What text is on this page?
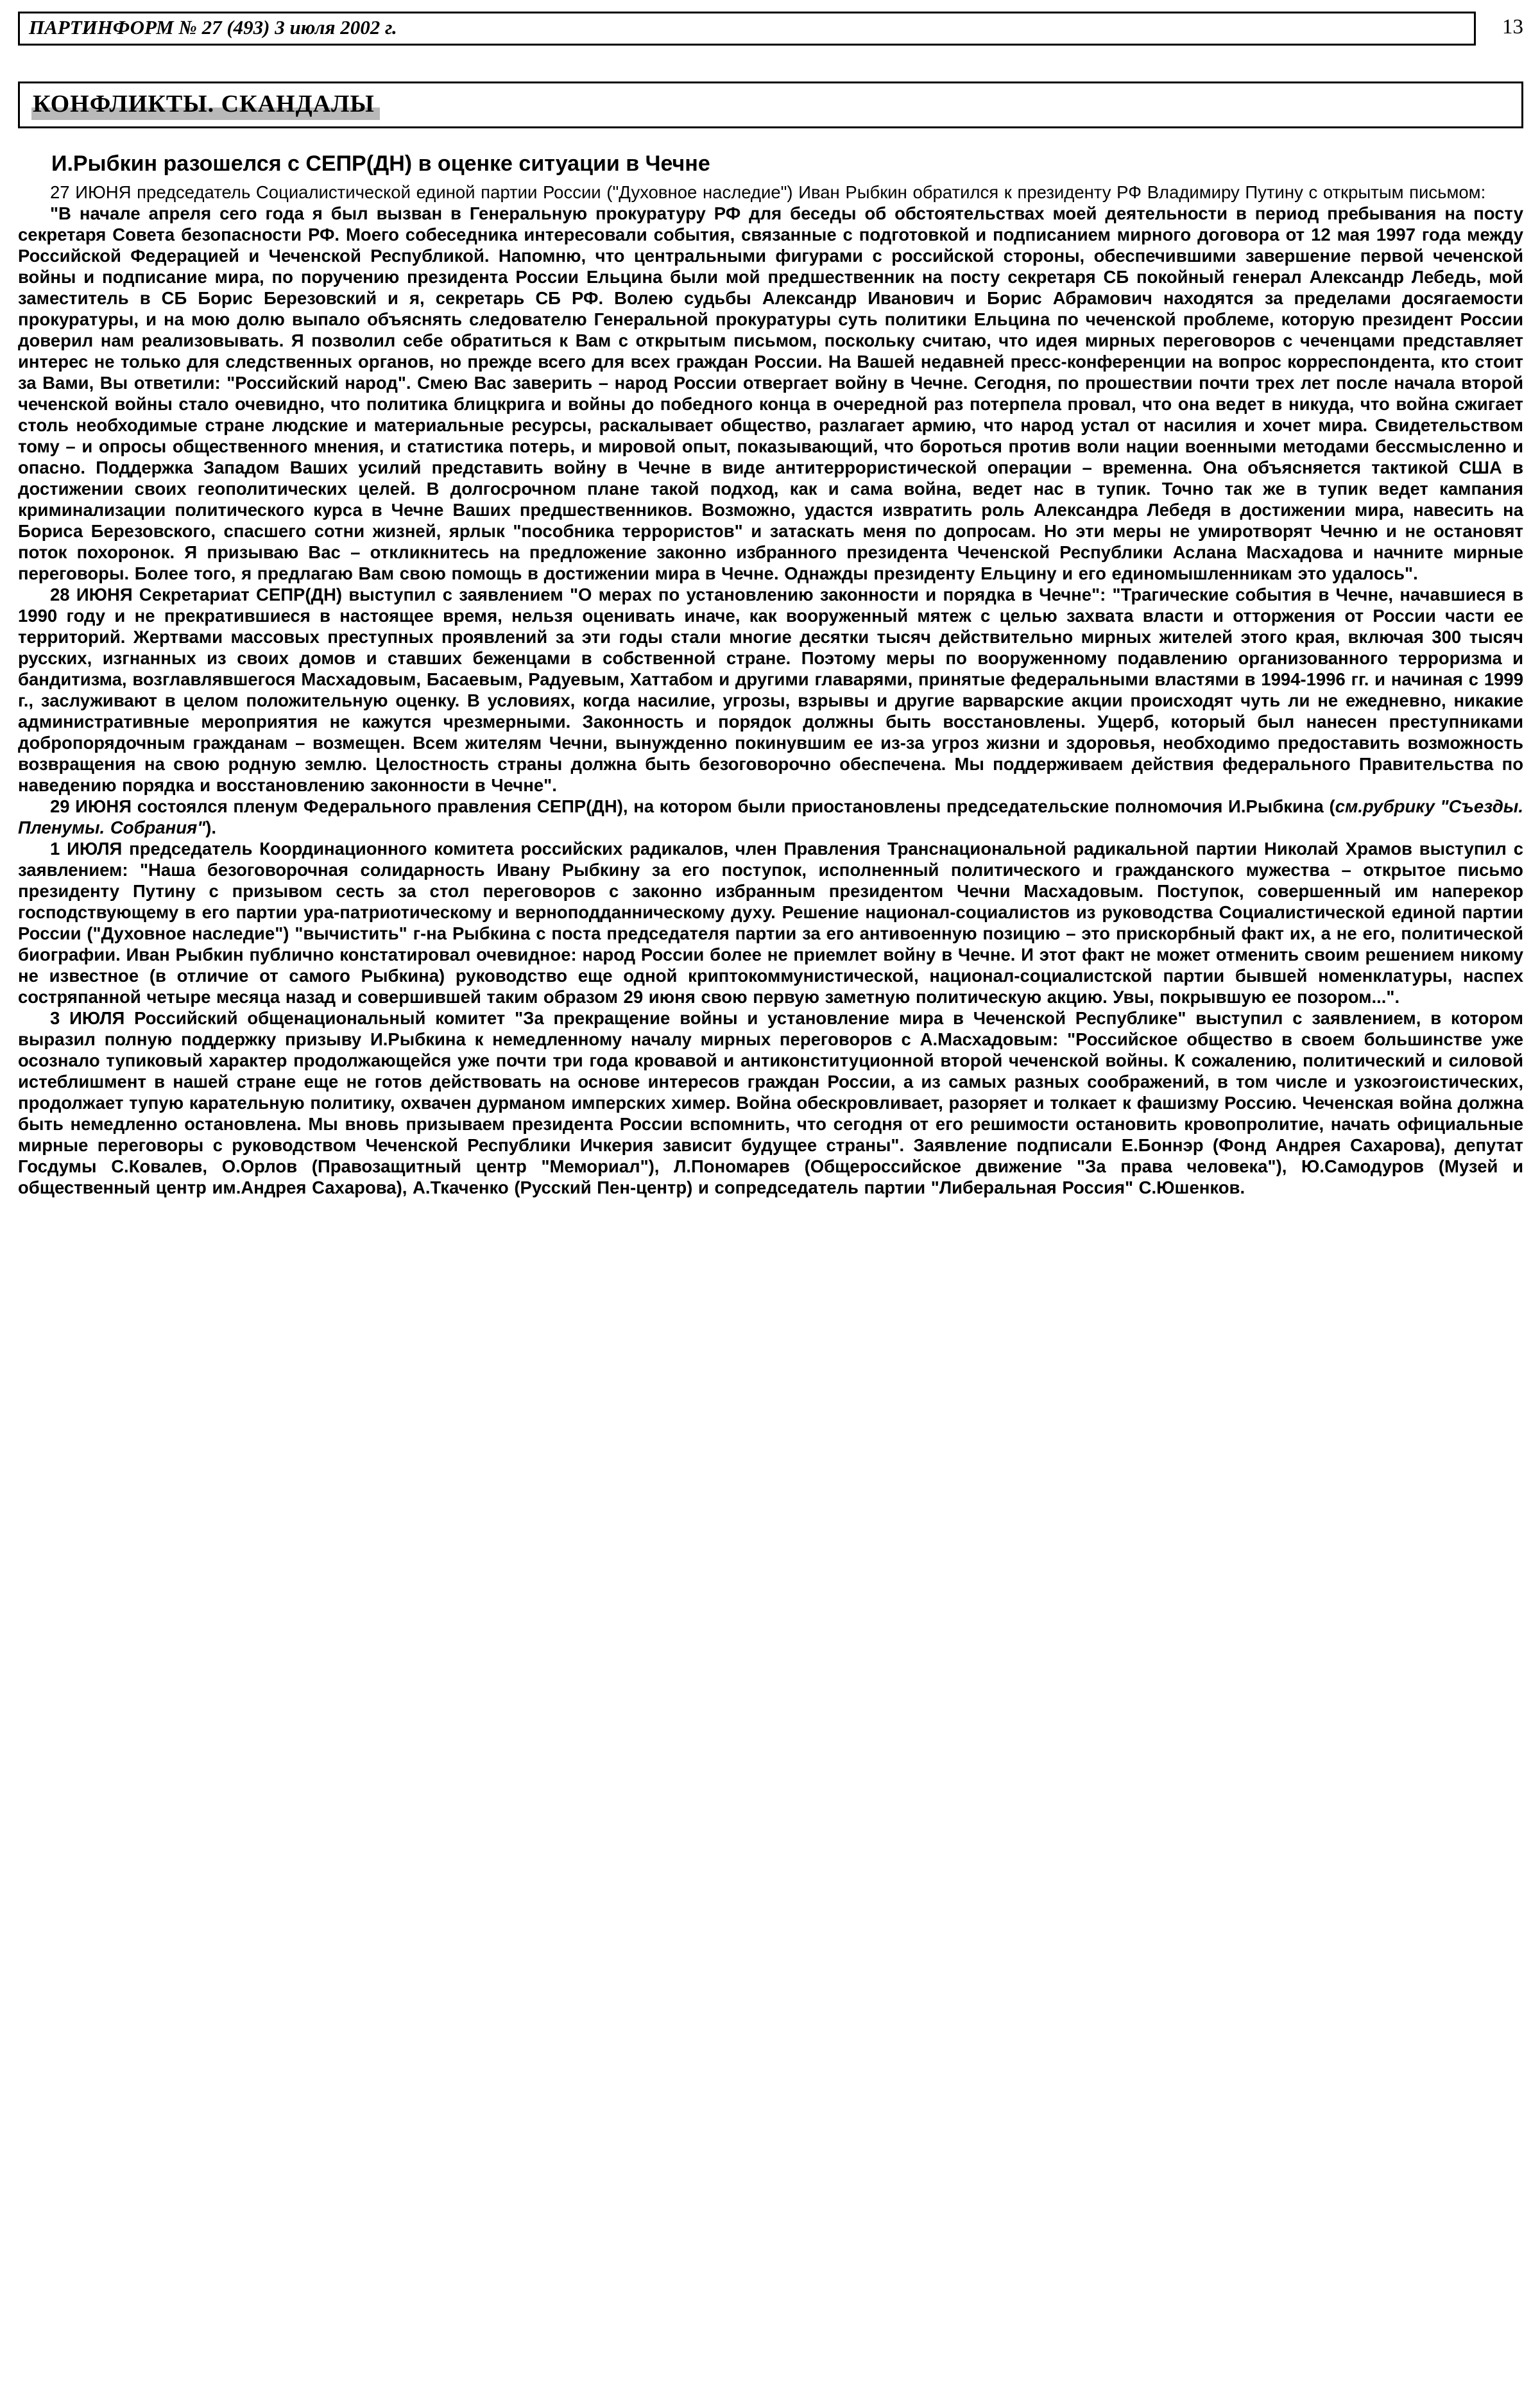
ПАРТИНФОРМ № 27 (493) 3 июля 2002 г.	13
КОНФЛИКТЫ. СКАНДАЛЫ
И.Рыбкин разошелся с СЕПР(ДН) в оценке ситуации в Чечне

27 ИЮНЯ председатель Социалистической единой партии России ("Духовное наследие") Иван Рыбкин обратился к президенту РФ Владимиру Путину с открытым письмом:

"В начале апреля сего года я был вызван в Генеральную прокуратуру РФ для беседы об обстоятельствах моей деятельности в период пребывания на посту секретаря Совета безопасности РФ. Моего собеседника интересовали события, связанные с подготовкой и подписанием мирного договора от 12 мая 1997 года между Российской Федерацией и Чеченской Республикой. Напомню, что центральными фигурами с российской стороны, обеспечившими завершение первой чеченской войны и подписание мира, по поручению президента России Ельцина были мой предшественник на посту секретаря СБ покойный генерал Александр Лебедь, мой заместитель в СБ Борис Березовский и я, секретарь СБ РФ. Волею судьбы Александр Иванович и Борис Абрамович находятся за пределами досягаемости прокуратуры, и на мою долю выпало объяснять следователю Генеральной прокуратуры суть политики Ельцина по чеченской проблеме, которую президент России доверил нам реализовывать. Я позволил себе обратиться к Вам с открытым письмом, поскольку считаю, что идея мирных переговоров с чеченцами представляет интерес не только для следственных органов, но прежде всего для всех граждан России. На Вашей недавней пресс-конференции на вопрос корреспондента, кто стоит за Вами, Вы ответили: "Российский народ". Смею Вас заверить – народ России отвергает войну в Чечне. Сегодня, по прошествии почти трех лет после начала второй чеченской войны стало очевидно, что политика блицкрига и войны до победного конца в очередной раз потерпела провал, что она ведет в никуда, что война сжигает столь необходимые стране людские и материальные ресурсы, раскалывает общество, разлагает армию, что народ устал от насилия и хочет мира. Свидетельством тому – и опросы общественного мнения, и статистика потерь, и мировой опыт, показывающий, что бороться против воли нации военными методами бессмысленно и опасно. Поддержка Западом Ваших усилий представить войну в Чечне в виде антитеррористической операции – временна. Она объясняется тактикой США в достижении своих геополитических целей. В долгосрочном плане такой подход, как и сама война, ведет нас в тупик. Точно так же в тупик ведет кампания криминализации политического курса в Чечне Ваших предшественников. Возможно, удастся извратить роль Александра Лебедя в достижении мира, навесить на Бориса Березовского, спасшего сотни жизней, ярлык "пособника террористов" и затаскать меня по допросам. Но эти меры не умиротворят Чечню и не остановят поток похоронок. Я призываю Вас – откликнитесь на предложение законно избранного президента Чеченской Республики Аслана Масхадова и начните мирные переговоры. Более того, я предлагаю Вам свою помощь в достижении мира в Чечне. Однажды президенту Ельцину и его единомышленникам это удалось".

28 ИЮНЯ Секретариат СЕПР(ДН) выступил с заявлением "О мерах по установлению законности и порядка в Чечне": "Трагические события в Чечне, начавшиеся в 1990 году и не прекратившиеся в настоящее время, нельзя оценивать иначе, как вооруженный мятеж с целью захвата власти и отторжения от России части ее территорий. Жертвами массовых преступных проявлений за эти годы стали многие десятки тысяч действительно мирных жителей этого края, включая 300 тысяч русских, изгнанных из своих домов и ставших беженцами в собственной стране. Поэтому меры по вооруженному подавлению организованного терроризма и бандитизма, возглавлявшегося Масхадовым, Басаевым, Радуевым, Хаттабом и другими главарями, принятые федеральными властями в 1994-1996 гг. и начиная с 1999 г., заслуживают в целом положительную оценку. В условиях, когда насилие, угрозы, взрывы и другие варварские акции происходят чуть ли не ежедневно, никакие административные мероприятия не кажутся чрезмерными. Законность и порядок должны быть восстановлены. Ущерб, который был нанесен преступниками добропорядочным гражданам – возмещен. Всем жителям Чечни, вынужденно покинувшим ее из-за угроз жизни и здоровья, необходимо предоставить возможность возвращения на свою родную землю. Целостность страны должна быть безоговорочно обеспечена. Мы поддерживаем действия федерального Правительства по наведению порядка и восстановлению законности в Чечне".

29 ИЮНЯ состоялся пленум Федерального правления СЕПР(ДН), на котором были приостановлены председательские полномочия И.Рыбкина (см.рубрику "Съезды. Пленумы. Собрания").

1 ИЮЛЯ председатель Координационного комитета российских радикалов, член Правления Транснациональной радикальной партии Николай Храмов выступил с заявлением: "Наша безоговорочная солидарность Ивану Рыбкину за его поступок, исполненный политического и гражданского мужества – открытое письмо президенту Путину с призывом сесть за стол переговоров с законно избранным президентом Чечни Масхадовым. Поступок, совершенный им наперекор господствующему в его партии ура-патриотическому и верноподданническому духу. Решение национал-социалистов из руководства Социалистической единой партии России ("Духовное наследие") "вычистить" г-на Рыбкина с поста председателя партии за его антивоенную позицию – это прискорбный факт их, а не его, политической биографии. Иван Рыбкин публично констатировал очевидное: народ России более не приемлет войну в Чечне. И этот факт не может отменить своим решением никому не известное (в отличие от самого Рыбкина) руководство еще одной криптокоммунистической, национал-социалистской партии бывшей номенклатуры, наспех состряпанной четыре месяца назад и совершившей таким образом 29 июня свою первую заметную политическую акцию. Увы, покрывшую ее позором...".

3 ИЮЛЯ Российский общенациональный комитет "За прекращение войны и установление мира в Чеченской Республике" выступил с заявлением, в котором выразил полную поддержку призыву И.Рыбкина к немедленному началу мирных переговоров с А.Масхадовым: "Российское общество в своем большинстве уже осознало тупиковый характер продолжающейся уже почти три года кровавой и антиконституционной второй чеченской войны. К сожалению, политический и силовой истеблишмент в нашей стране еще не готов действовать на основе интересов граждан России, а из самых разных соображений, в том числе и узкоэгоистических, продолжает тупую карательную политику, охвачен дурманом имперских химер. Война обескровливает, разоряет и толкает к фашизму Россию. Чеченская война должна быть немедленно остановлена. Мы вновь призываем президента России вспомнить, что сегодня от его решимости остановить кровопролитие, начать официальные мирные переговоры с руководством Чеченской Республики Ичкерия зависит будущее страны". Заявление подписали Е.Боннэр (Фонд Андрея Сахарова), депутат Госдумы С.Ковалев, О.Орлов (Правозащитный центр "Мемориал"), Л.Пономарев (Общероссийское движение "За права человека"), Ю.Самодуров (Музей и общественный центр им.Андрея Сахарова), А.Ткаченко (Русский Пен-центр) и сопредседатель партии "Либеральная Россия" С.Юшенков.
